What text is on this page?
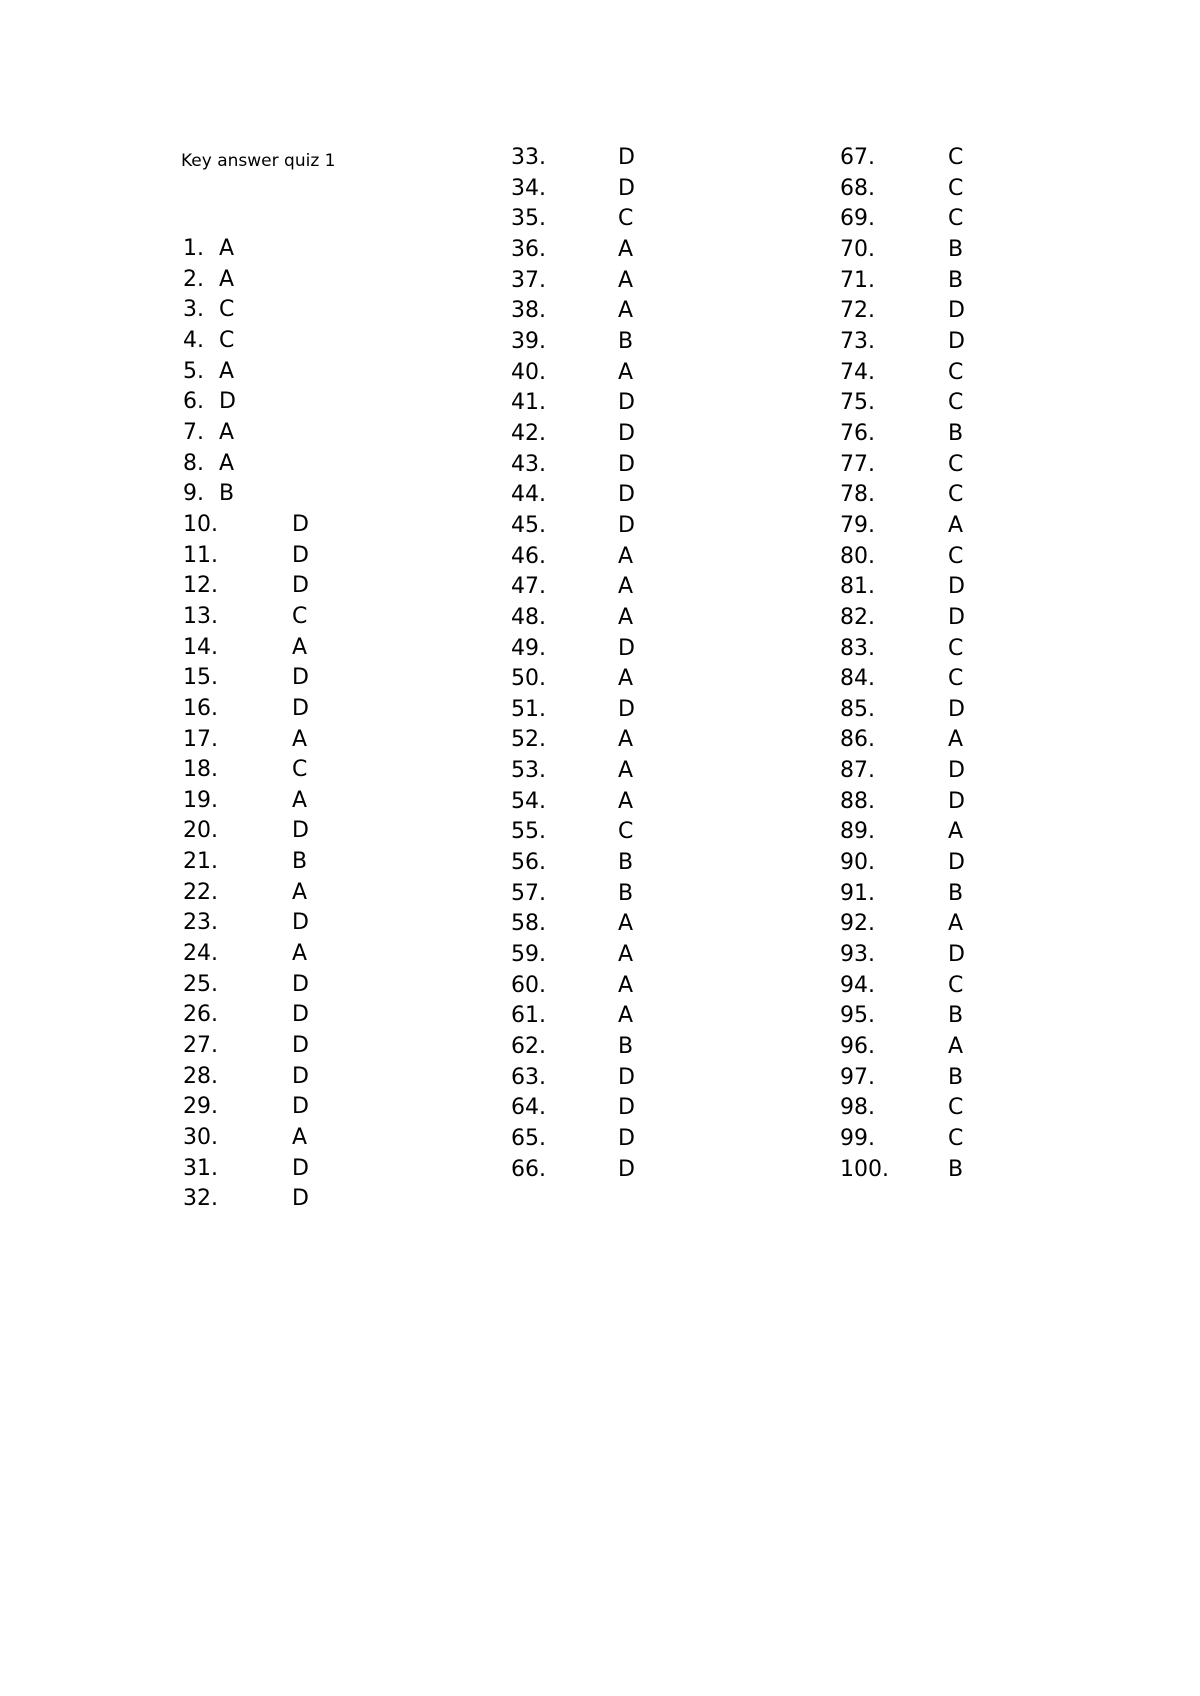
Key answer quiz 1
1. A
2. A
3. C
4. C
5. A
6. D
7. A
8. A
9. B
10.	D
11.	D
12.	D
13.	C
14.	A
15.	D
16.	D
17.	A
18.	C
19.	A
20.	D
21.	B
22.	A
23.	D
24.	A
25.	D
26.	D
27.	D
28.	D
29.	D
30.	A
31.	D
32.	D
33.	D
34.	D
35.	C
36.	A
37.	A
38.	A
39.	B
40.	A
41.	D
42.	D
43.	D
44.	D
45.	D
46.	A
47.	A
48.	A
49.	D
50.	A
51.	D
52.	A
53.	A
54.	A
55.	C
56.	B
57.	B
58.	A
59.	A
60.	A
61.	A
62.	B
63.	D
64.	D
65.	D
66.	D
67.	C
68.	C
69.	C
70.	B
71.	B
72.	D
73.	D
74.	C
75.	C
76.	B
77.	C
78.	C
79.	A
80.	C
81.	D
82.	D
83.	C
84.	C
85.	D
86.	A
87.	D
88.	D
89.	A
90.	D
91.	B
92.	A
93.	D
94.	C
95.	B
96.	A
97.	B
98.	C
99.	C
100.	B
